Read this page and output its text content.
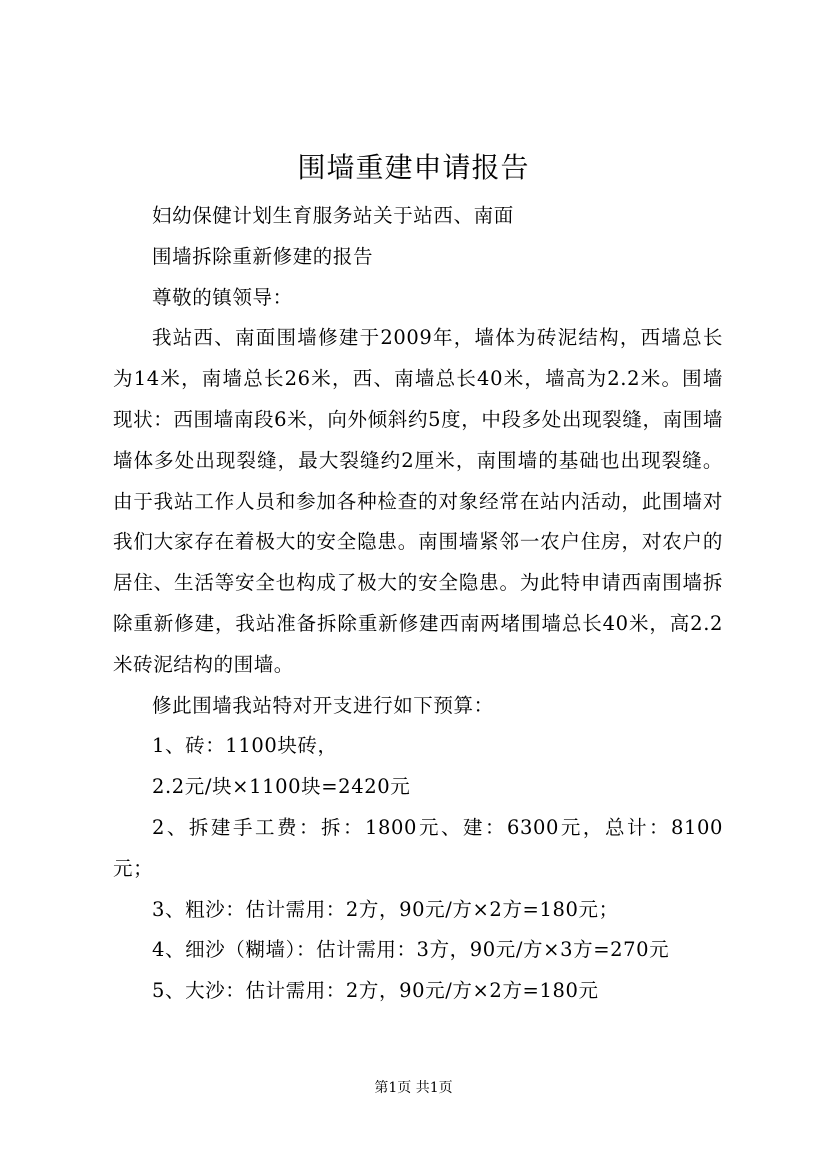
围墙重建申请报告

妇幼保健计划生育服务站关于站西、南面

围墙拆除重新修建的报告

尊敬的镇领导：

我站西、南面围墙修建于2009年，墙体为砖泥结构，西墙总长为14米，南墙总长26米，西、南墙总长40米，墙高为2.2米。围墙现状：西围墙南段6米，向外倾斜约5度，中段多处出现裂缝，南围墙墙体多处出现裂缝，最大裂缝约2厘米，南围墙的基础也出现裂缝。由于我站工作人员和参加各种检查的对象经常在站内活动，此围墙对我们大家存在着极大的安全隐患。南围墙紧邻一农户住房，对农户的居住、生活等安全也构成了极大的安全隐患。为此特申请西南围墙拆除重新修建，我站准备拆除重新修建西南两堵围墙总长40米，高2.2米砖泥结构的围墙。

修此围墙我站特对开支进行如下预算：

1、砖：1100块砖，

2.2元/块×1100块=2420元

2、拆建手工费：拆：1800元、建：6300元，总计：8100元；

3、粗沙：估计需用：2方，90元/方×2方=180元；

4、细沙（糊墙）：估计需用：3方，90元/方×3方=270元

5、大沙：估计需用：2方，90元/方×2方=180元

第1页 共1页
